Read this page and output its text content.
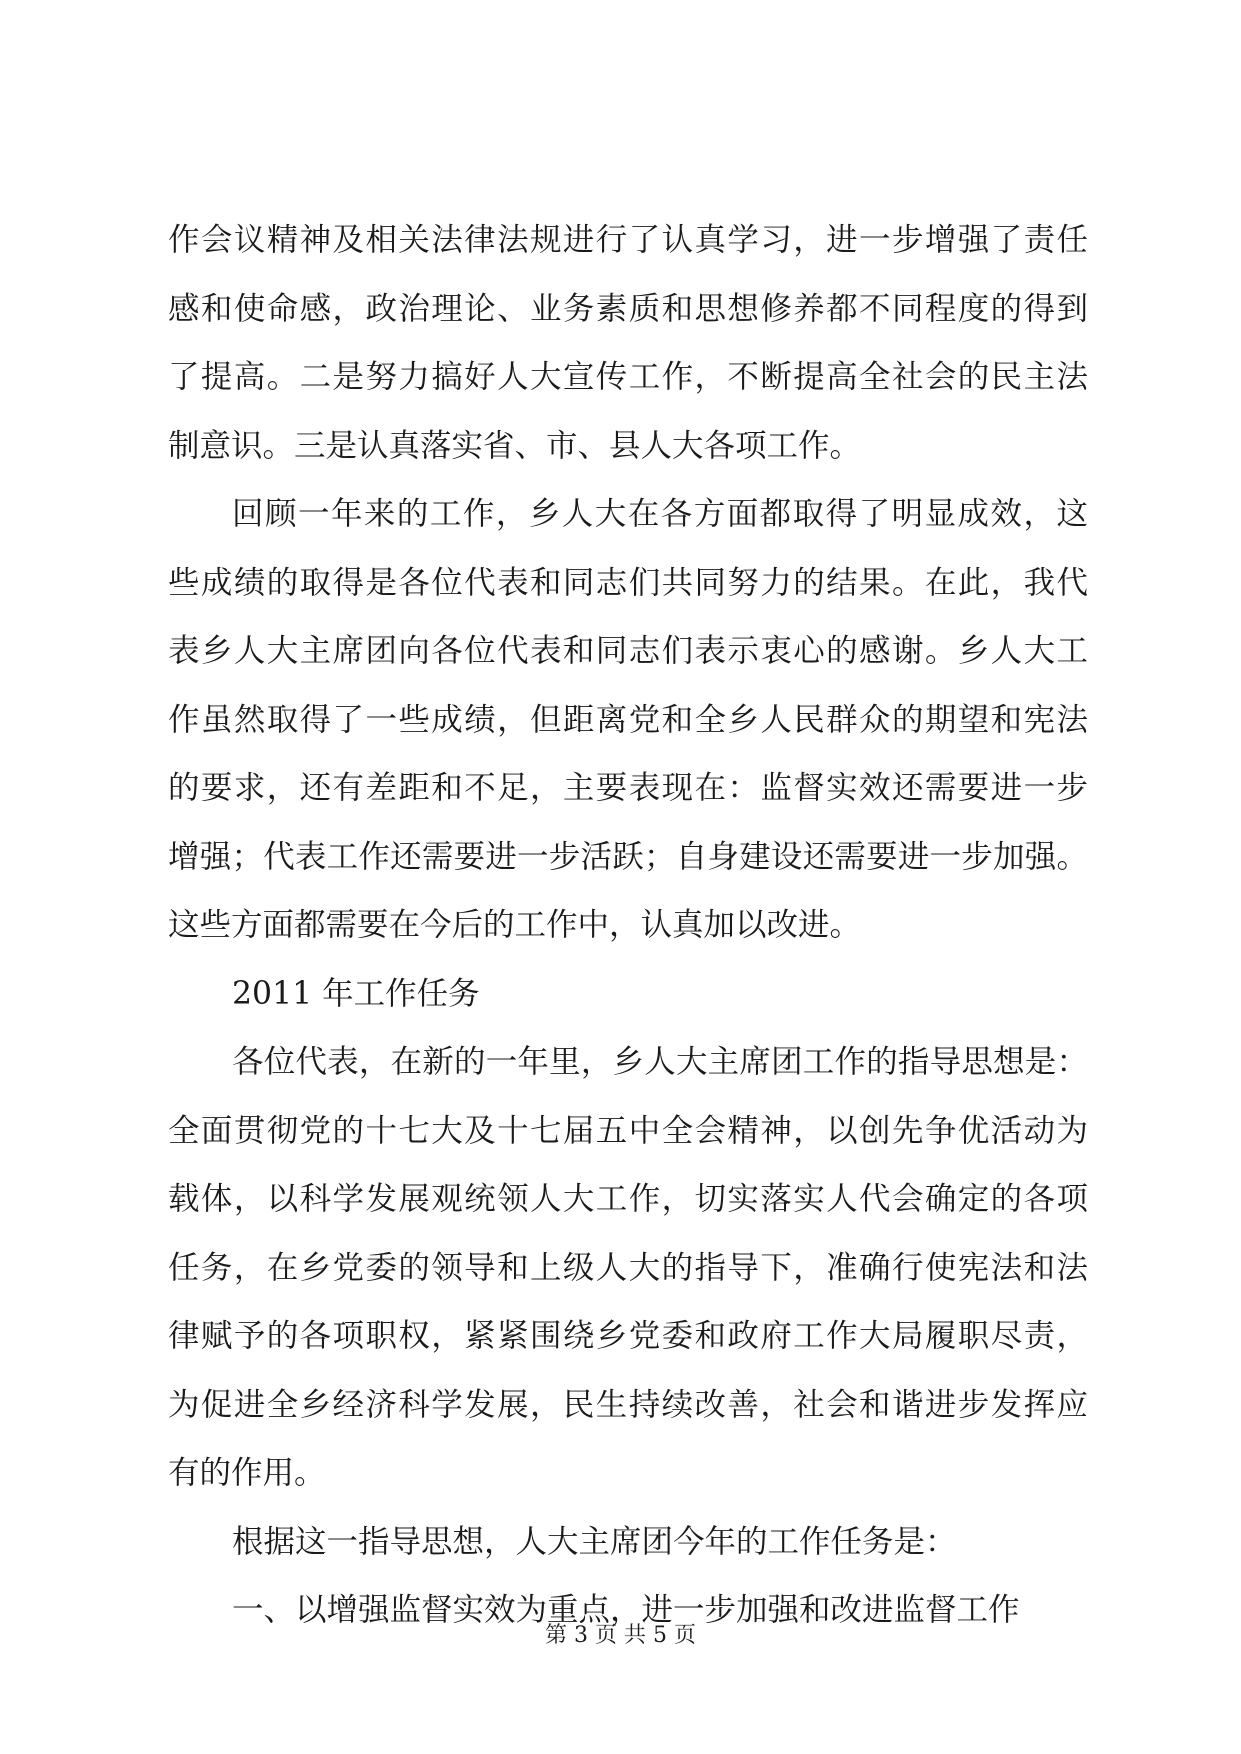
作会议精神及相关法律法规进行了认真学习，进一步增强了责任
感和使命感，政治理论、业务素质和思想修养都不同程度的得到
了提高。二是努力搞好人大宣传工作，不断提高全社会的民主法
制意识。三是认真落实省、市、县人大各项工作。
回顾一年来的工作，乡人大在各方面都取得了明显成效，这
些成绩的取得是各位代表和同志们共同努力的结果。在此，我代
表乡人大主席团向各位代表和同志们表示衷心的感谢。乡人大工
作虽然取得了一些成绩，但距离党和全乡人民群众的期望和宪法
的要求，还有差距和不足，主要表现在：监督实效还需要进一步
增强；代表工作还需要进一步活跃；自身建设还需要进一步加强。
这些方面都需要在今后的工作中，认真加以改进。
2011 年工作任务
各位代表，在新的一年里，乡人大主席团工作的指导思想是：
全面贯彻党的十七大及十七届五中全会精神，以创先争优活动为
载体，以科学发展观统领人大工作，切实落实人代会确定的各项
任务，在乡党委的领导和上级人大的指导下，准确行使宪法和法
律赋予的各项职权，紧紧围绕乡党委和政府工作大局履职尽责，
为促进全乡经济科学发展，民生持续改善，社会和谐进步发挥应
有的作用。
根据这一指导思想，人大主席团今年的工作任务是：
一、以增强监督实效为重点，进一步加强和改进监督工作
第 3 页 共 5 页
